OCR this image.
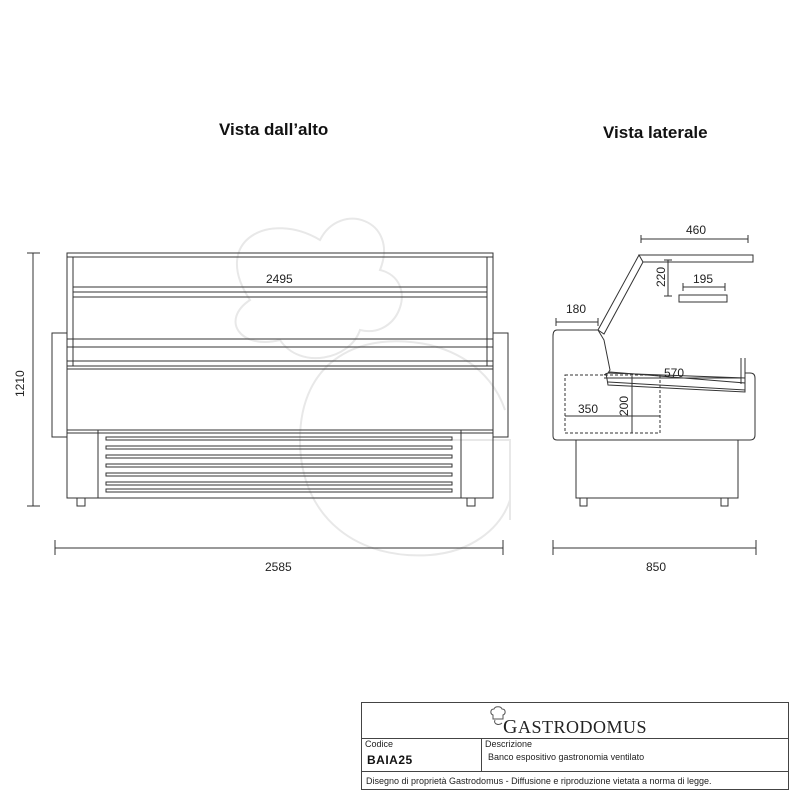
2495
2585
1210
460
220 195
180
570
350 200
850
Vista dall’alto	Vista laterale
GASTRODOMUS
Codice
BAIA25
Descrizione
Banco espositivo gastronomia ventilato
Disegno di proprietà Gastrodomus - Diffusione e riproduzione vietata a norma di legge.
